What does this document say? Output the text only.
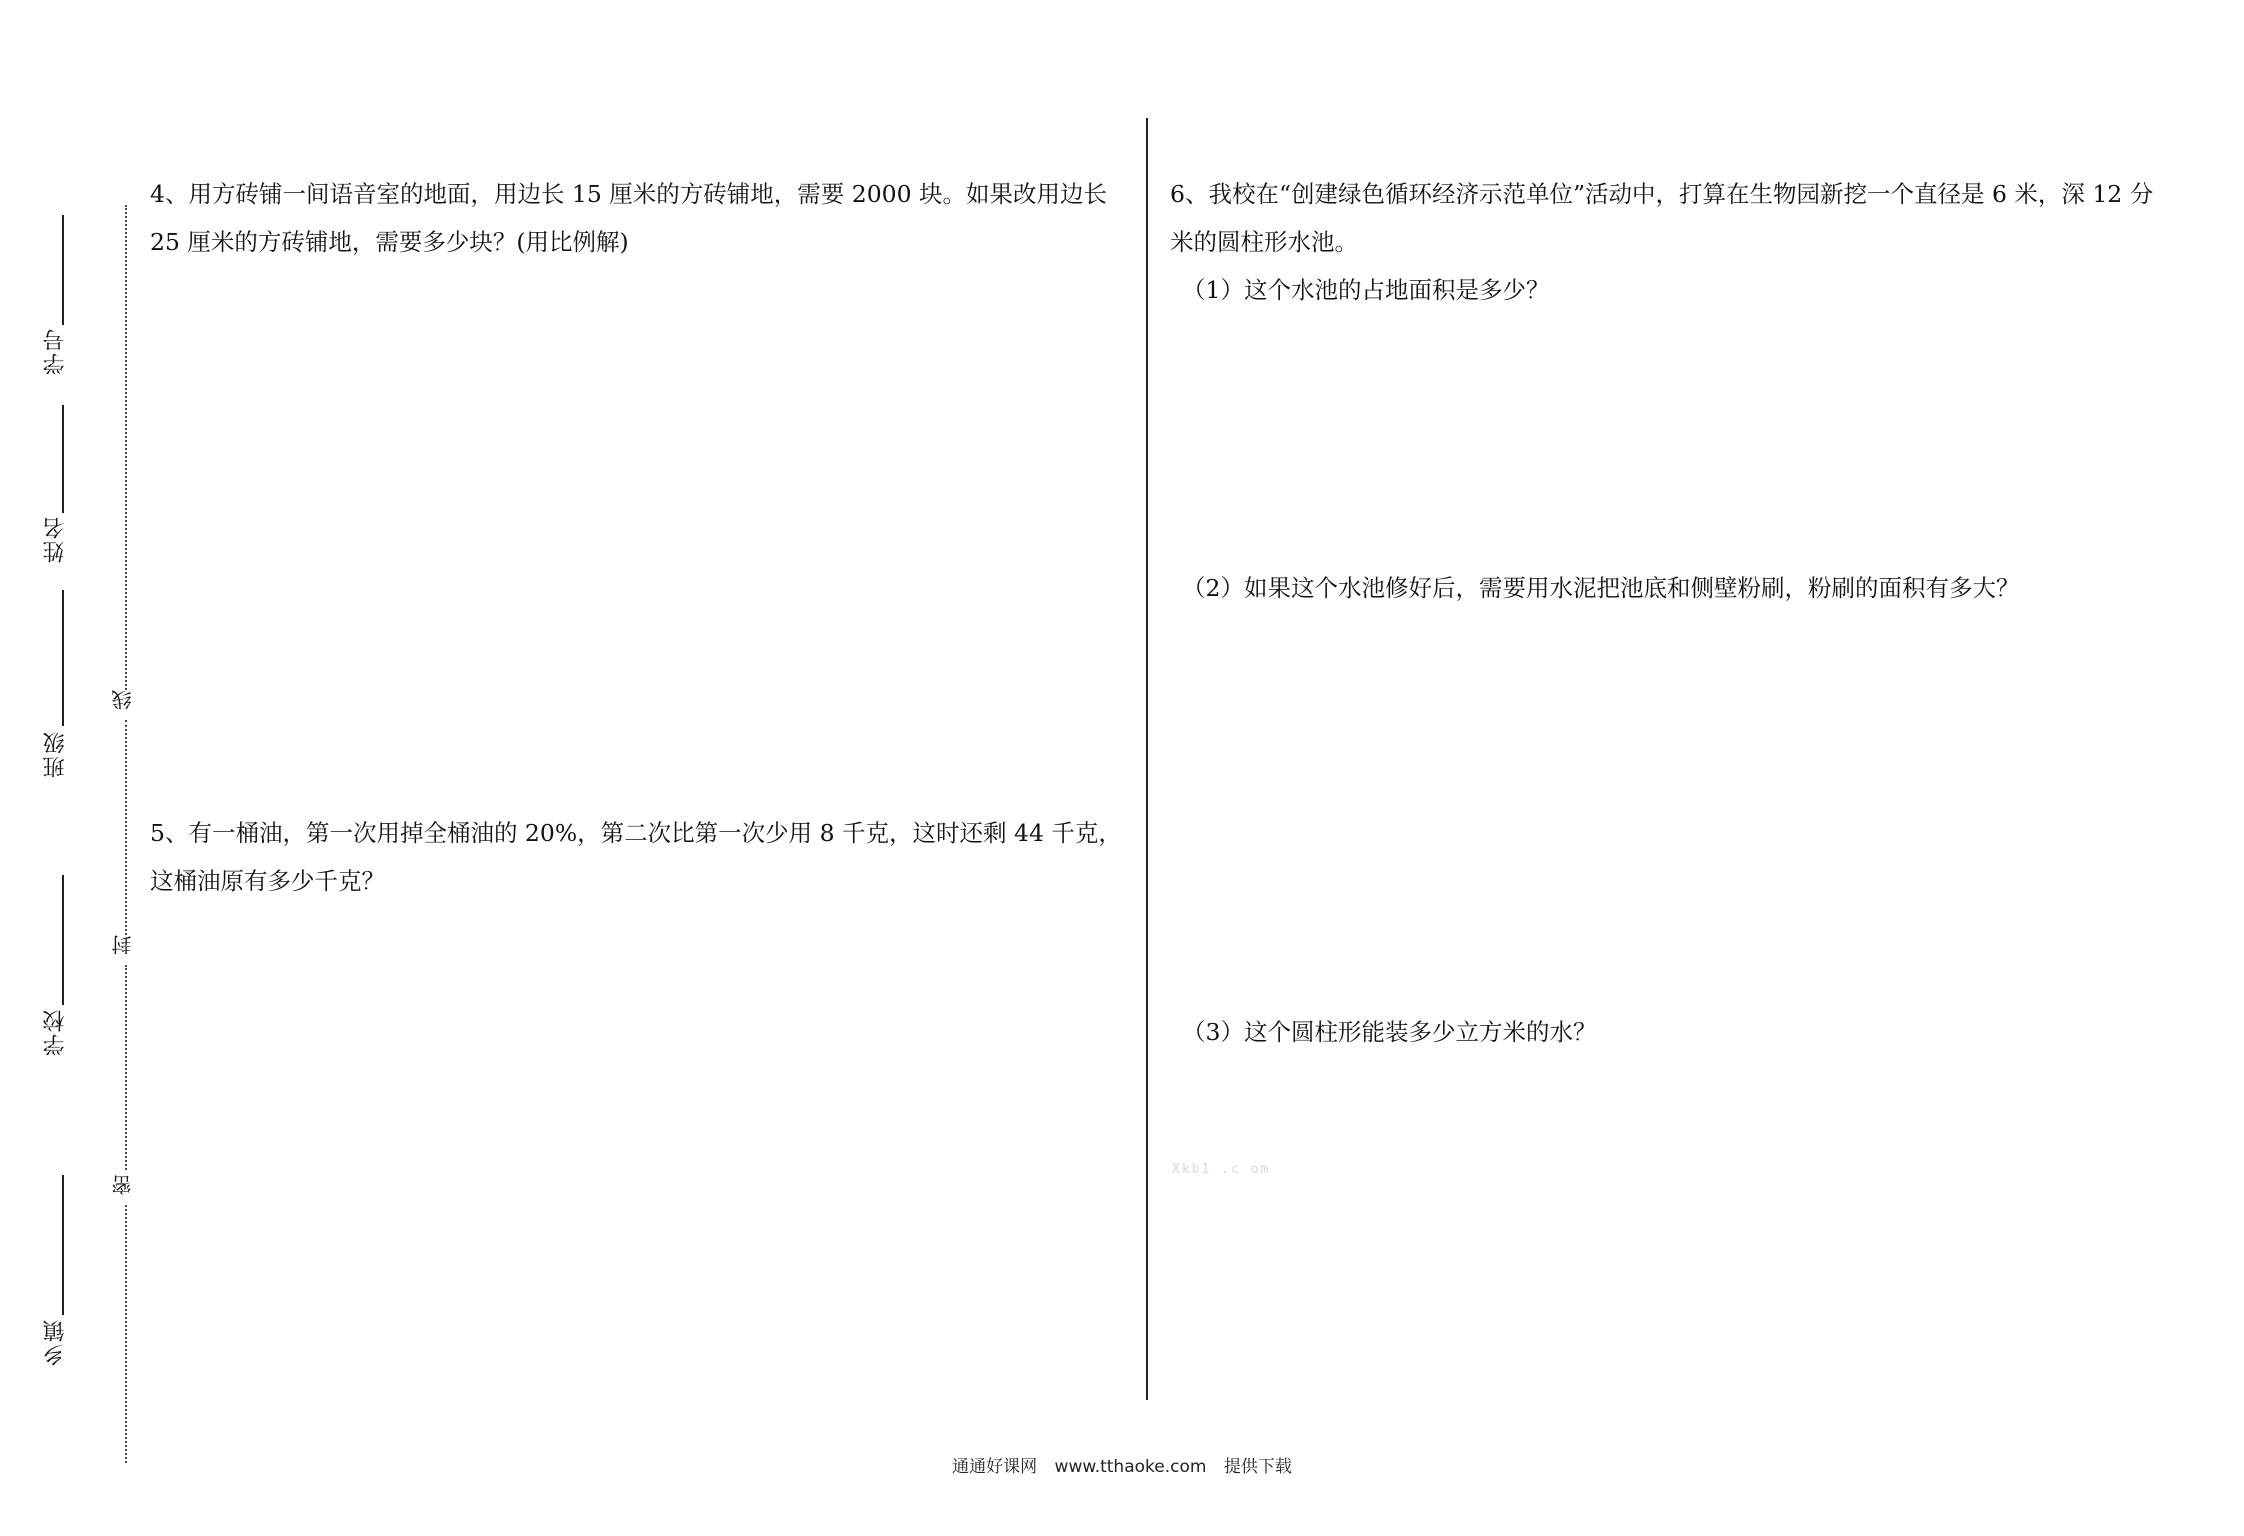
学号
姓名
班级
学校
乡镇
线
封
密
4、用方砖铺一间语音室的地面，用边长 15 厘米的方砖铺地，需要 2000 块。如果改用边长 25 厘米的方砖铺地，需要多少块？(用比例解)
5、有一桶油，第一次用掉全桶油的 20%，第二次比第一次少用 8 千克，这时还剩 44 千克，这桶油原有多少千克？
6、我校在“创建绿色循环经济示范单位”活动中，打算在生物园新挖一个直径是 6 米，深 12 分米的圆柱形水池。
（1）这个水池的占地面积是多少？
（2）如果这个水池修好后，需要用水泥把池底和侧壁粉刷，粉刷的面积有多大？
（3）这个圆柱形能装多少立方米的水？
Xkb1 .c om
通通好课网 www.tthaoke.com 提供下载
